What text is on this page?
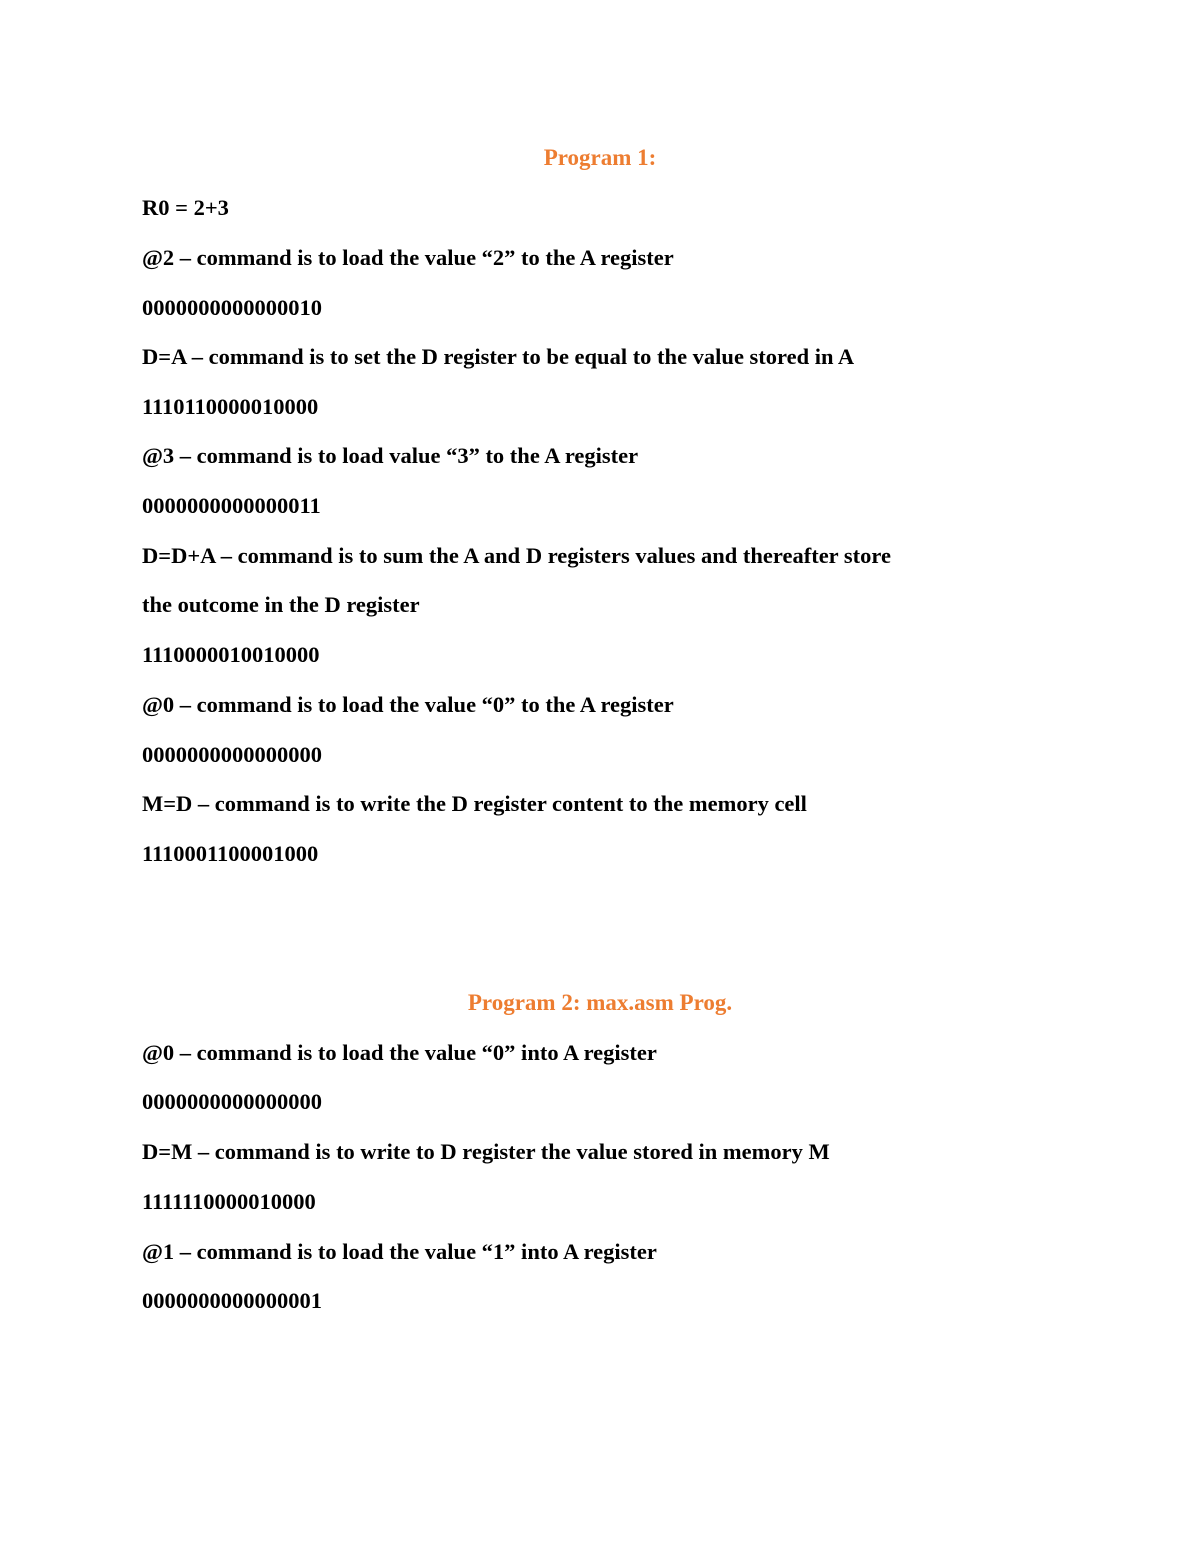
Program 1:
R0 = 2+3
@2 – command is to load the value “2” to the A register
0000000000000010
D=A – command is to set the D register to be equal to the value stored in A
1110110000010000
@3 – command is to load value “3” to the A register
0000000000000011
D=D+A – command is to sum the A and D registers values and thereafter store
the outcome in the D register
1110000010010000
@0 – command is to load the value “0” to the A register
0000000000000000
M=D – command is to write the D register content to the memory cell
1110001100001000
Program 2: max.asm Prog.
@0 – command is to load the value “0” into A register
0000000000000000
D=M – command is to write to D register the value stored in memory M
1111110000010000
@1 – command is to load the value “1” into A register
0000000000000001
